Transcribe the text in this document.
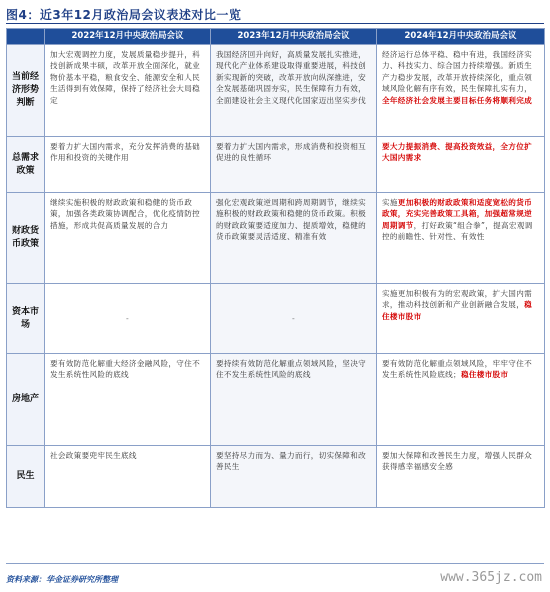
图4：近3年12月政治局会议表述对比一览
	2022年12月中央政治局会议	2023年12月中央政治局会议	2024年12月中央政治局会议
当前经济形势判断	加大宏观调控力度，发展质量稳步提升，科技创新成果丰硕，改革开放全面深化，就业物价基本平稳，粮食安全、能源安全和人民生活得到有效保障，保持了经济社会大局稳定	我国经济回升向好，高质量发展扎实推进，现代化产业体系建设取得重要进展，科技创新实现新的突破，改革开放向纵深推进，安全发展基础巩固夯实，民生保障有力有效，全面建设社会主义现代化国家迈出坚实步伐	经济运行总体平稳、稳中有进，我国经济实力、科技实力、综合国力持续增强。新质生产力稳步发展，改革开放持续深化，重点领域风险化解有序有效，民生保障扎实有力，全年经济社会发展主要目标任务将顺利完成
总需求政策	要着力扩大国内需求，充分发挥消费的基础作用和投资的关键作用	要着力扩大国内需求，形成消费和投资相互促进的良性循环	要大力提振消费、提高投资效益，全方位扩大国内需求
财政货币政策	继续实施积极的财政政策和稳健的货币政策，加强各类政策协调配合，优化疫情防控措施，形成共促高质量发展的合力	强化宏观政策逆周期和跨周期调节，继续实施积极的财政政策和稳健的货币政策。积极的财政政策要适度加力、提质增效，稳健的货币政策要灵活适度、精准有效	实施更加积极的财政政策和适度宽松的货币政策，充实完善政策工具箱，加强超常规逆周期调节，打好政策“组合拳”，提高宏观调控的前瞻性、针对性、有效性
资本市场	-	-	实施更加积极有为的宏观政策，扩大国内需求，推动科技创新和产业创新融合发展，稳住楼市股市
房地产	要有效防范化解重大经济金融风险，守住不发生系统性风险的底线	要持续有效防范化解重点领域风险，坚决守住不发生系统性风险的底线	要有效防范化解重点领域风险，牢牢守住不发生系统性风险底线；稳住楼市股市
民生	社会政策要兜牢民生底线	要坚持尽力而为、量力而行，切实保障和改善民生	要加大保障和改善民生力度，增强人民群众获得感幸福感安全感
资料来源：华金证券研究所整理	www.365jz.com
